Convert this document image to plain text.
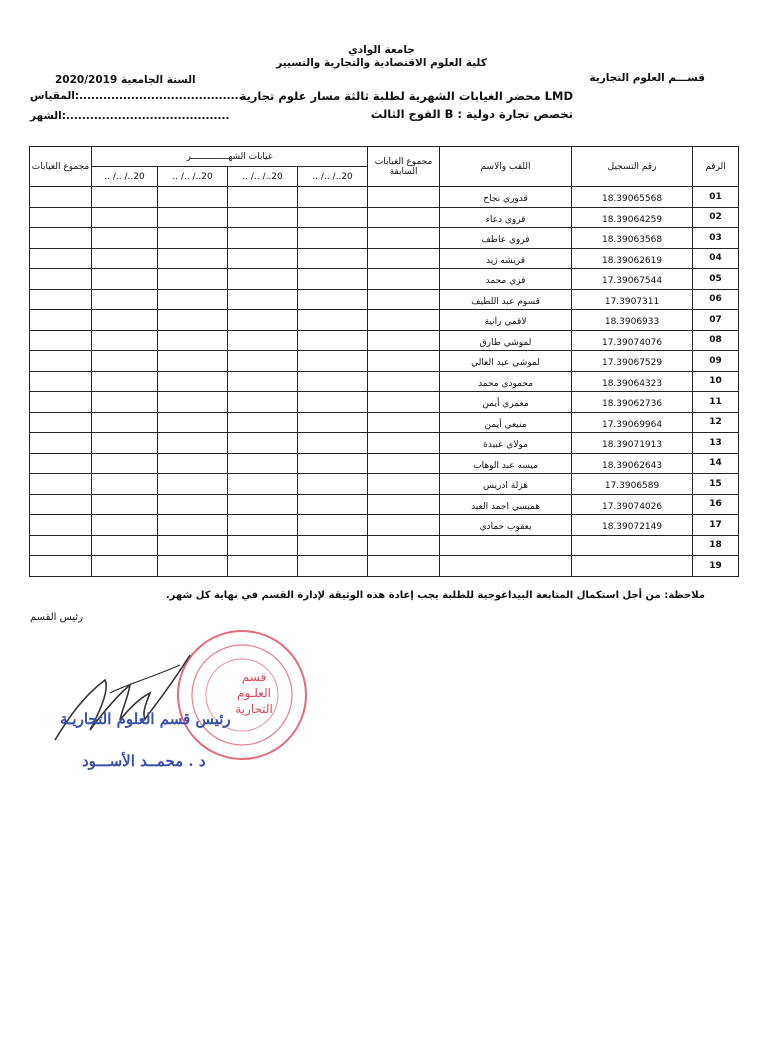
جامعة الوادي
كلية العلوم الاقتصادية والتجارية والتسيير
قســـم العلوم التجارية
السنة الجامعية 2020/2019
محضر الغيابات الشهرية لطلبة ثالثة مسار علوم تجارية LMD
المقياس:..........................................
الفوج الثالث B : تخصص تجارة دولية
الشهر:.........................................
الرقم	رقم التسجيل	اللقب والاسم	مجموع الغيابات السابقة	غيابات الشهــــــــــــــر				مجموع الغيابات
				.. /.. /..20	.. /.. /..20	.. /.. /..20	.. /.. /..20	
01	18.39065568	قدوري نجاح						
02	18.39064259	قروي دعاء						
03	18.39063568	قروي عاطف						
04	18.39062619	قريشه زيد						
05	17.39067544	قزي محمد						
06	17.3907311	قسوم عبد اللطيف						
07	18.3906933	لاقمي رانية						
08	17.39074076	لموشي طارق						
09	17.39067529	لموشي عبد العالي						
10	18.39064323	محمودي محمد						
11	18.39062736	معمري أيمن						
12	17.39069964	منيعي أيمن						
13	18.39071913	مولاي عبيدة						
14	18.39062643	ميسه عبد الوهاب						
15	17.3906589	هزلة ادريس						
16	17.39074026	هميسي احمد العيد						
17	18.39072149	يعقوب حمادي						
18								
19								
ملاحظة: من أجل استكمال المتابعة البيداغوجية للطلبة يجب إعادة هذه الوثيقة لإدارة القسم في نهاية كل شهر.
رئيس القسم
قسم
العلـوم
التجارية
رئيس قسم العلوم التجاريـة
د . محمــد الأســـود
